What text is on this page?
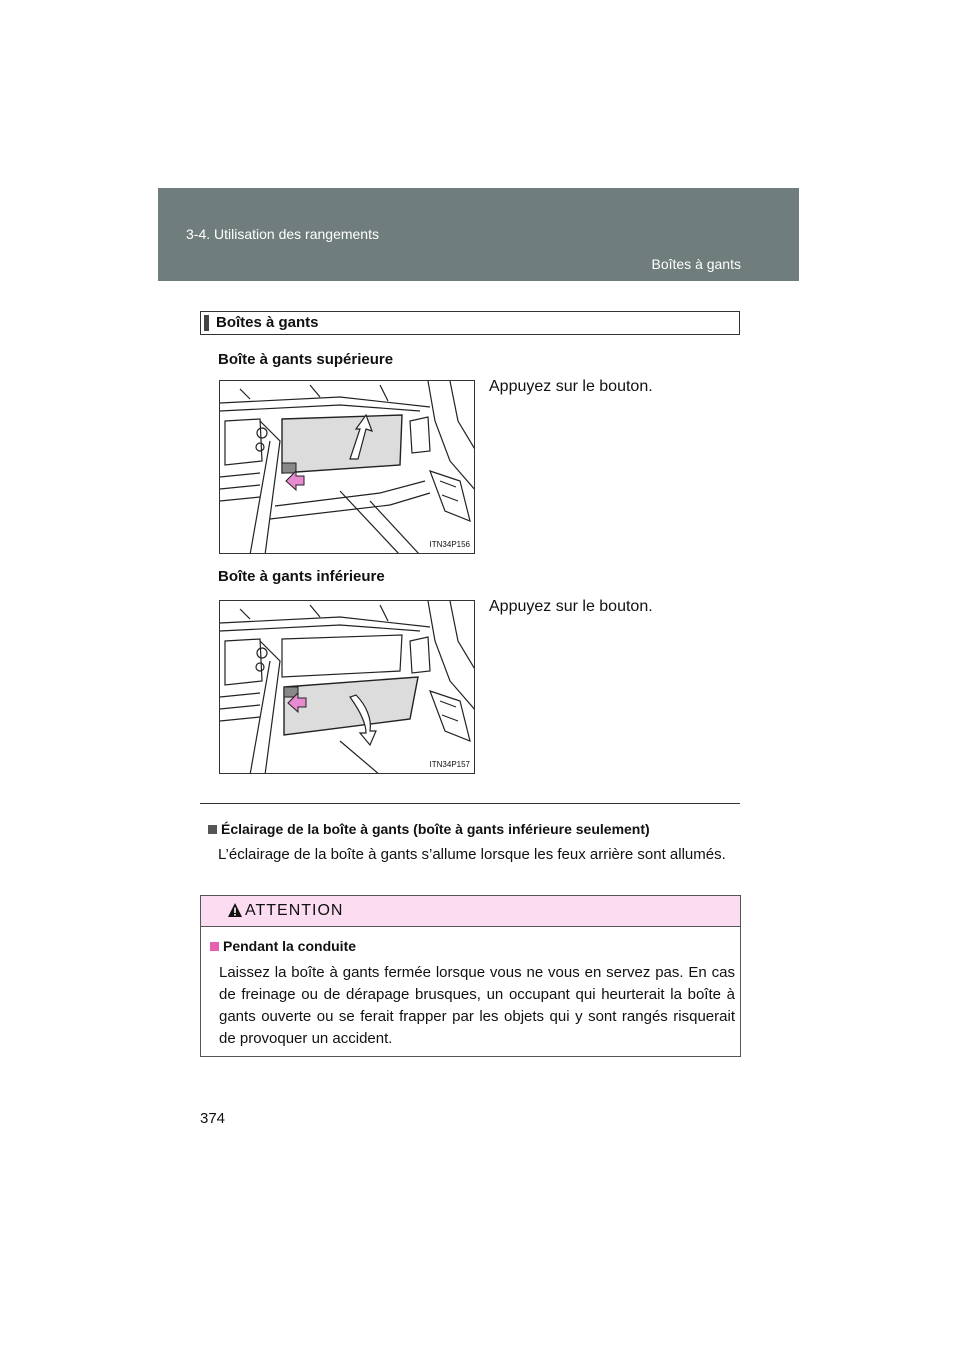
3-4. Utilisation des rangements
Boîtes à gants
Boîtes à gants
Boîte à gants supérieure
Appuyez sur le bouton.
ITN34P156
Boîte à gants inférieure
Appuyez sur le bouton.
ITN34P157
Éclairage de la boîte à gants (boîte à gants inférieure seulement)
L’éclairage de la boîte à gants s’allume lorsque les feux arrière sont allumés.
ATTENTION
Pendant la conduite
Laissez la boîte à gants fermée lorsque vous ne vous en servez pas. En cas de freinage ou de dérapage brusques, un occupant qui heurterait la boîte à gants ouverte ou se ferait frapper par les objets qui y sont rangés risquerait de provoquer un accident.
374
